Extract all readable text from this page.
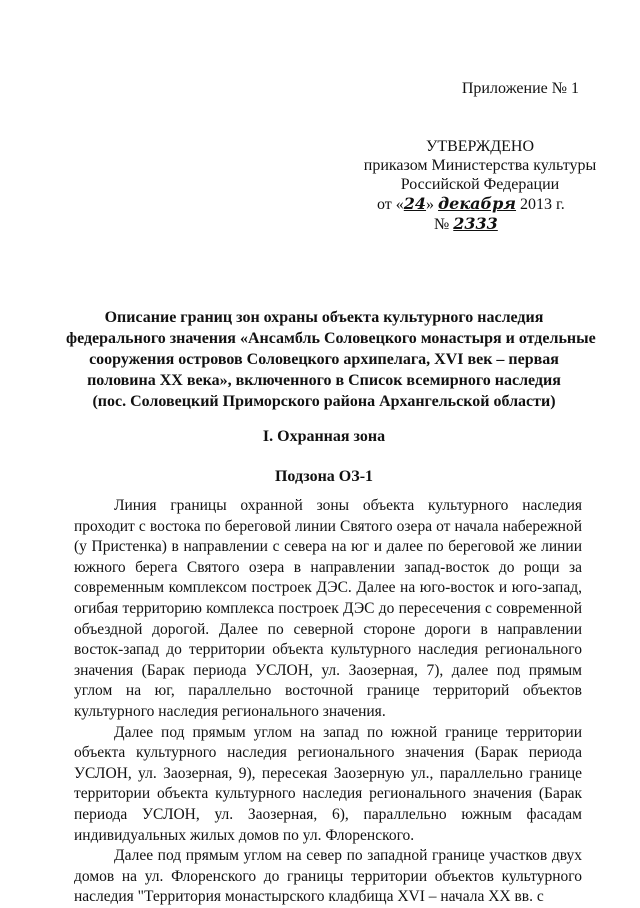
Приложение № 1
УТВЕРЖДЕНО
приказом Министерства культуры
Российской Федерации
от «24» декабря 2013 г.
№ 2333
Описание границ зон охраны объекта культурного наследия
федерального значения «Ансамбль Соловецкого монастыря и отдельные
сооружения островов Соловецкого архипелага, XVI век – первая
половина XX века», включенного в Список всемирного наследия
(пос. Соловецкий Приморского района Архангельской области)
I. Охранная зона
Подзона ОЗ-1

Линия границы охранной зоны объекта культурного наследия проходит с востока по береговой линии Святого озера от начала набережной (у Пристенка) в направлении с севера на юг и далее по береговой же линии южного берега Святого озера в направлении запад-восток до рощи за современным комплексом построек ДЭС. Далее на юго-восток и юго-запад, огибая территорию комплекса построек ДЭС до пересечения с современной объездной дорогой. Далее по северной стороне дороги в направлении восток-запад до территории объекта культурного наследия регионального значения (Барак периода УСЛОН, ул. Заозерная, 7), далее под прямым углом на юг, параллельно восточной границе территорий объектов культурного наследия регионального значения.

Далее под прямым углом на запад по южной границе территории объекта культурного наследия регионального значения (Барак периода УСЛОН, ул. Заозерная, 9), пересекая Заозерную ул., параллельно границе территории объекта культурного наследия регионального значения (Барак периода УСЛОН, ул. Заозерная, 6), параллельно южным фасадам индивидуальных жилых домов по ул. Флоренского.

Далее под прямым углом на север по западной границе участков двух домов на ул. Флоренского до границы территории объектов культурного наследия "Территория монастырского кладбища XVI – начала XX вв. с
